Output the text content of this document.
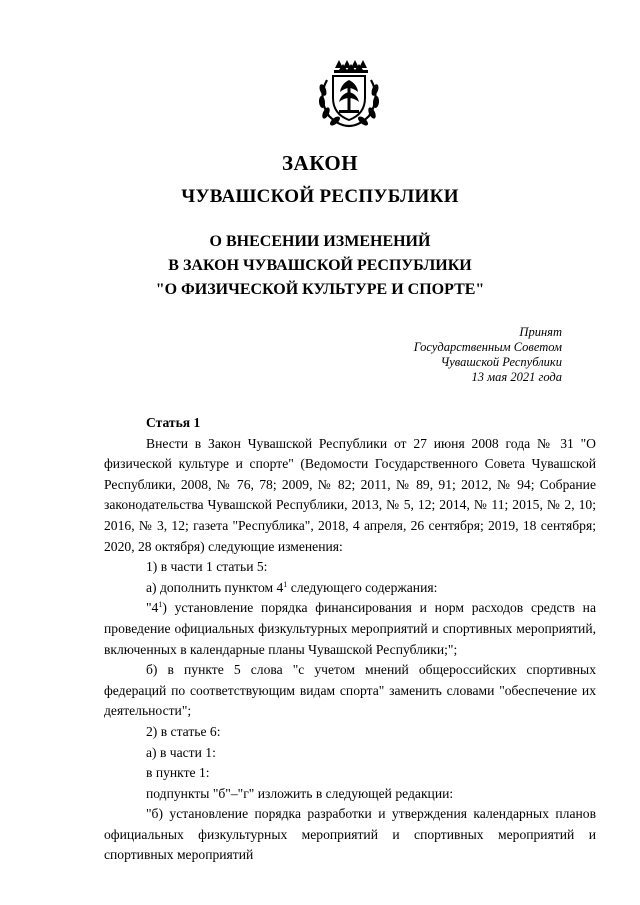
ЗАКОН
ЧУВАШСКОЙ РЕСПУБЛИКИ
О ВНЕСЕНИИ ИЗМЕНЕНИЙ
В ЗАКОН ЧУВАШСКОЙ РЕСПУБЛИКИ
"О ФИЗИЧЕСКОЙ КУЛЬТУРЕ И СПОРТЕ"
Принят
Государственным Советом
Чувашской Республики
13 мая 2021 года

Статья 1

Внести в Закон Чувашской Республики от 27 июня 2008 года № 31 "О физической культуре и спорте" (Ведомости Государственного Совета Чувашской Республики, 2008, № 76, 78; 2009, № 82; 2011, № 89, 91; 2012, № 94; Собрание законодательства Чувашской Республики, 2013, № 5, 12; 2014, № 11; 2015, № 2, 10; 2016, № 3, 12; газета "Республика", 2018, 4 апреля, 26 сентября; 2019, 18 сентября; 2020, 28 октября) следующие изменения:

1) в части 1 статьи 5:

а) дополнить пунктом $4^1$ следующего содержания:

"$4^1$) установление порядка финансирования и норм расходов средств на проведение официальных физкультурных мероприятий и спортивных мероприятий, включенных в календарные планы Чувашской Республики;";

б) в пункте 5 слова "с учетом мнений общероссийских спортивных федераций по соответствующим видам спорта" заменить словами "обеспечение их деятельности";

2) в статье 6:

а) в части 1:

в пункте 1:

подпункты "б"–"г" изложить в следующей редакции:

"б) установление порядка разработки и утверждения календарных планов официальных физкультурных мероприятий и спортивных мероприятий и спортивных мероприятий
